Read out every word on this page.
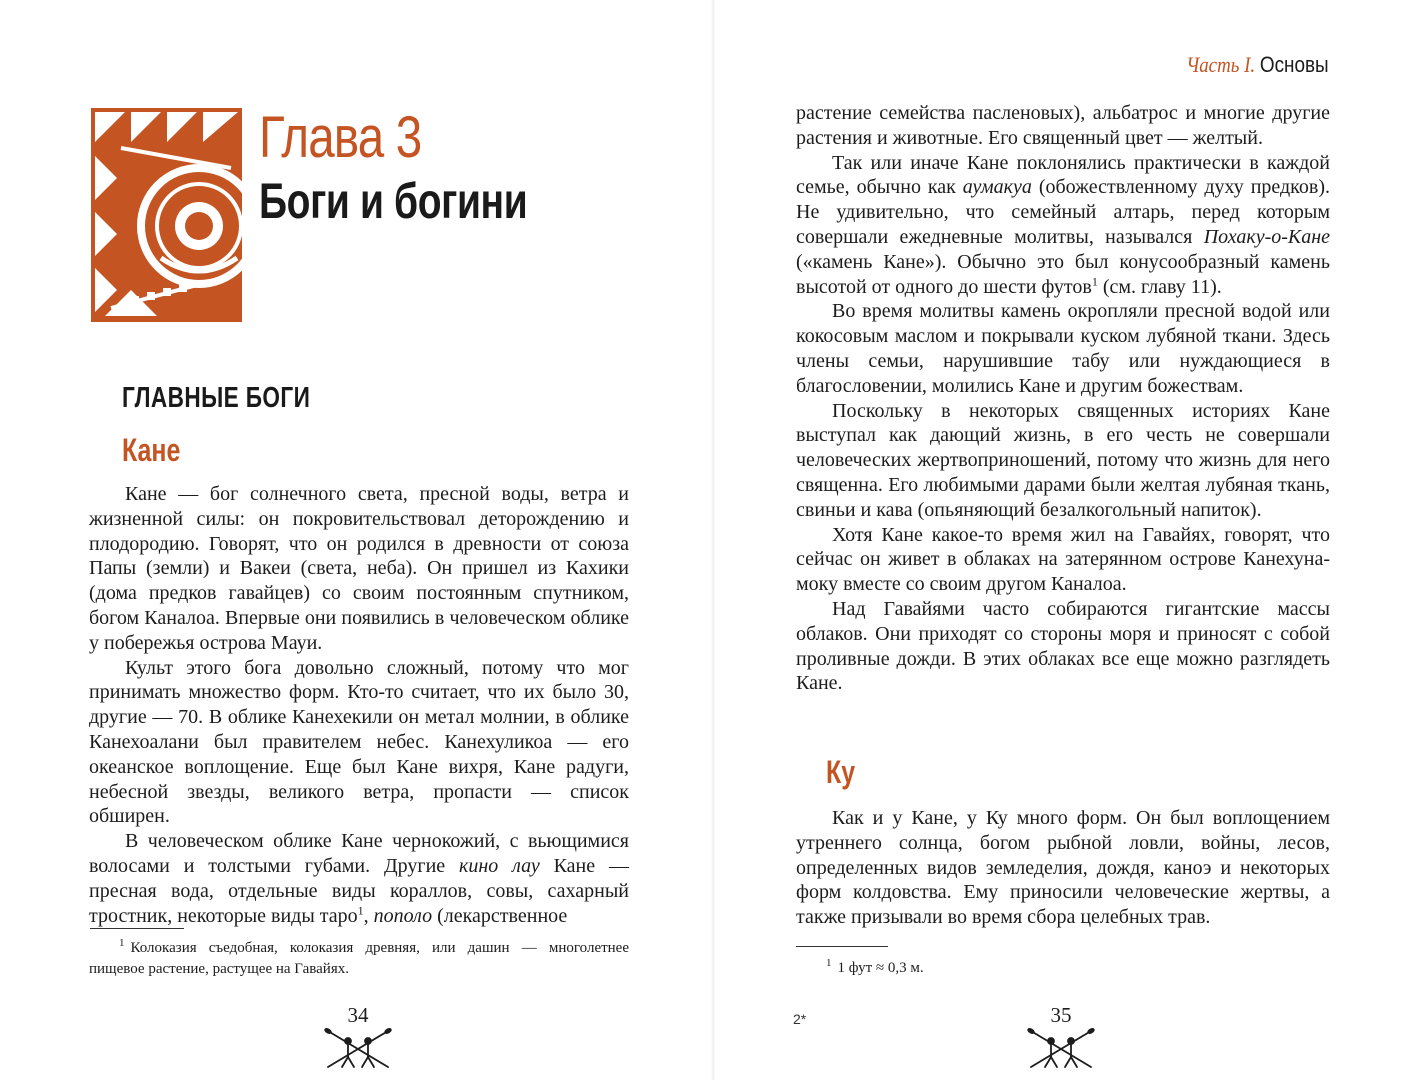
Глава 3
Боги и богини
ГЛАВНЫЕ БОГИ
Кане

Кане — бог солнечного света, пресной воды, ветра и жизненной силы: он покровительствовал деторождению и плодородию. Говорят, что он родился в древности от союза Папы (земли) и Вакеи (света, неба). Он пришел из Кахики (дома предков гавайцев) со своим постоянным спутником, богом Каналоа. Впервые они появились в человеческом облике у побережья острова Мауи.

Культ этого бога довольно сложный, потому что мог принимать множество форм. Кто-то считает, что их было 30, другие — 70. В облике Канехекили он метал молнии, в облике Канехоалани был правителем небес. Канехуликоа — его океанское воплощение. Еще был Кане вихря, Кане радуги, небесной звезды, великого ветра, пропасти — список обширен.

В человеческом облике Кане чернокожий, с вьющимися волосами и толстыми губами. Другие кино лау Кане — пресная вода, отдельные виды кораллов, совы, сахарный тростник, некоторые виды таро$^1$, пополо (лекарственное

$^1$ Колоказия съедобная, колоказия древняя, или дашин — многолетнее пищевое растение, растущее на Гавайях.

34
Часть I. Основы

растение семейства пасленовых), альбатрос и многие другие растения и животные. Его священный цвет — желтый.

Так или иначе Кане поклонялись практически в каждой семье, обычно как аумакуа (обожествленному духу предков). Не удивительно, что семейный алтарь, перед которым совершали ежедневные молитвы, назывался Похаку-о-Кане («камень Кане»). Обычно это был конусообразный камень высотой от одного до шести футов$^1$ (см. главу 11).

Во время молитвы камень окропляли пресной водой или кокосовым маслом и покрывали куском лубяной ткани. Здесь члены семьи, нарушившие табу или нуждающиеся в благословении, молились Кане и другим божествам.

Поскольку в некоторых священных историях Кане выступал как дающий жизнь, в его честь не совершали человеческих жертвоприношений, потому что жизнь для него священна. Его любимыми дарами были желтая лубяная ткань, свиньи и кава (опьяняющий безалкогольный напиток).

Хотя Кане какое-то время жил на Гавайях, говорят, что сейчас он живет в облаках на затерянном острове Канехуна-моку вместе со своим другом Каналоа.

Над Гавайями часто собираются гигантские массы облаков. Они приходят со стороны моря и приносят с собой проливные дожди. В этих облаках все еще можно разглядеть Кане.

Ку

Как и у Кане, у Ку много форм. Он был воплощением утреннего солнца, богом рыбной ловли, войны, лесов, определенных видов земледелия, дождя, каноэ и некоторых форм колдовства. Ему приносили человеческие жертвы, а также призывали во время сбора целебных трав.

$^1$ 1 фут ≈ 0,3 м.

2*	35
